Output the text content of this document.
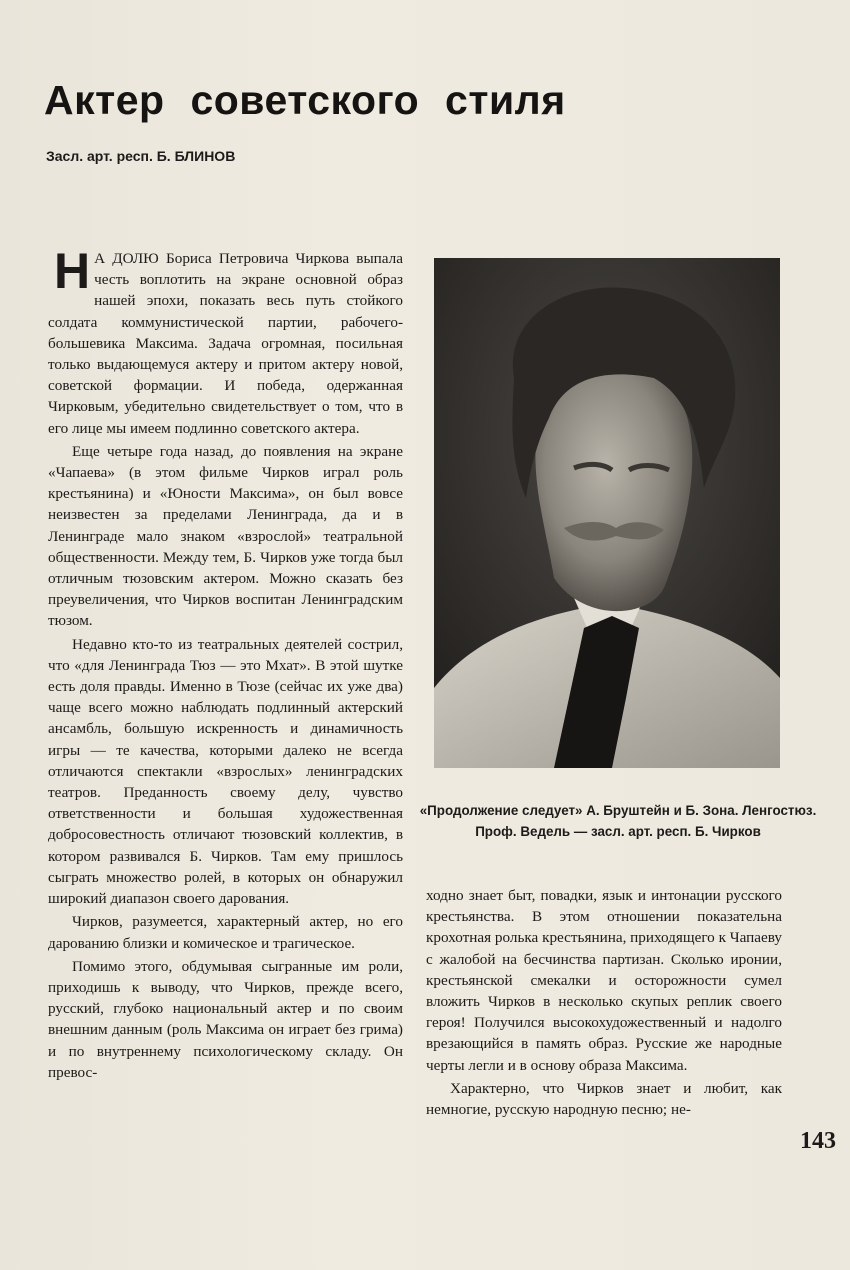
Актер советского стиля
Засл. арт. респ. Б. БЛИНОВ

Н А ДОЛЮ Бориса Петровича Чиркова выпала честь воплотить на экране основной образ нашей эпохи, показать весь путь стойкого солдата коммунистической партии, рабочего-большевика Максима. Задача огромная, посильная только выдающемуся актеру и притом актеру новой, советской формации. И победа, одержанная Чирковым, убедительно свидетельствует о том, что в его лице мы имеем подлинно советского актера.

Еще четыре года назад, до появления на экране «Чапаева» (в этом фильме Чирков играл роль крестьянина) и «Юности Максима», он был вовсе неизвестен за пределами Ленинграда, да и в Ленинграде мало знаком «взрослой» театральной общественности. Между тем, Б. Чирков уже тогда был отличным тюзовским актером. Можно сказать без преувеличения, что Чирков воспитан Ленинградским тюзом.

Недавно кто-то из театральных деятелей сострил, что «для Ленинграда Тюз — это Мхат». В этой шутке есть доля правды. Именно в Тюзе (сейчас их уже два) чаще всего можно наблюдать подлинный актерский ансамбль, большую искренность и динамичность игры — те качества, которыми далеко не всегда отличаются спектакли «взрослых» ленинградских театров. Преданность своему делу, чувство ответственности и большая художественная добросовестность отличают тюзовский коллектив, в котором развивался Б. Чирков. Там ему пришлось сыграть множество ролей, в которых он обнаружил широкий диапазон своего дарования.

Чирков, разумеется, характерный актер, но его дарованию близки и комическое и трагическое.

Помимо этого, обдумывая сыгранные им роли, приходишь к выводу, что Чирков, прежде всего, русский, глубоко национальный актер и по своим внешним данным (роль Максима он играет без грима) и по внутреннему психологическому складу. Он превос-

«Продолжение следует» А. Бруштейн и Б. Зона. Ленгостюз. Проф. Ведель — засл. арт. респ. Б. Чирков

ходно знает быт, повадки, язык и интонации русского крестьянства. В этом отношении показательна крохотная ролька крестьянина, приходящего к Чапаеву с жалобой на бесчинства партизан. Сколько иронии, крестьянской смекалки и осторожности сумел вложить Чирков в несколько скупых реплик своего героя! Получился высокохудожественный и надолго врезающийся в память образ. Русские же народные черты легли и в основу образа Максима.

Характерно, что Чирков знает и любит, как немногие, русскую народную песню; не-

143
